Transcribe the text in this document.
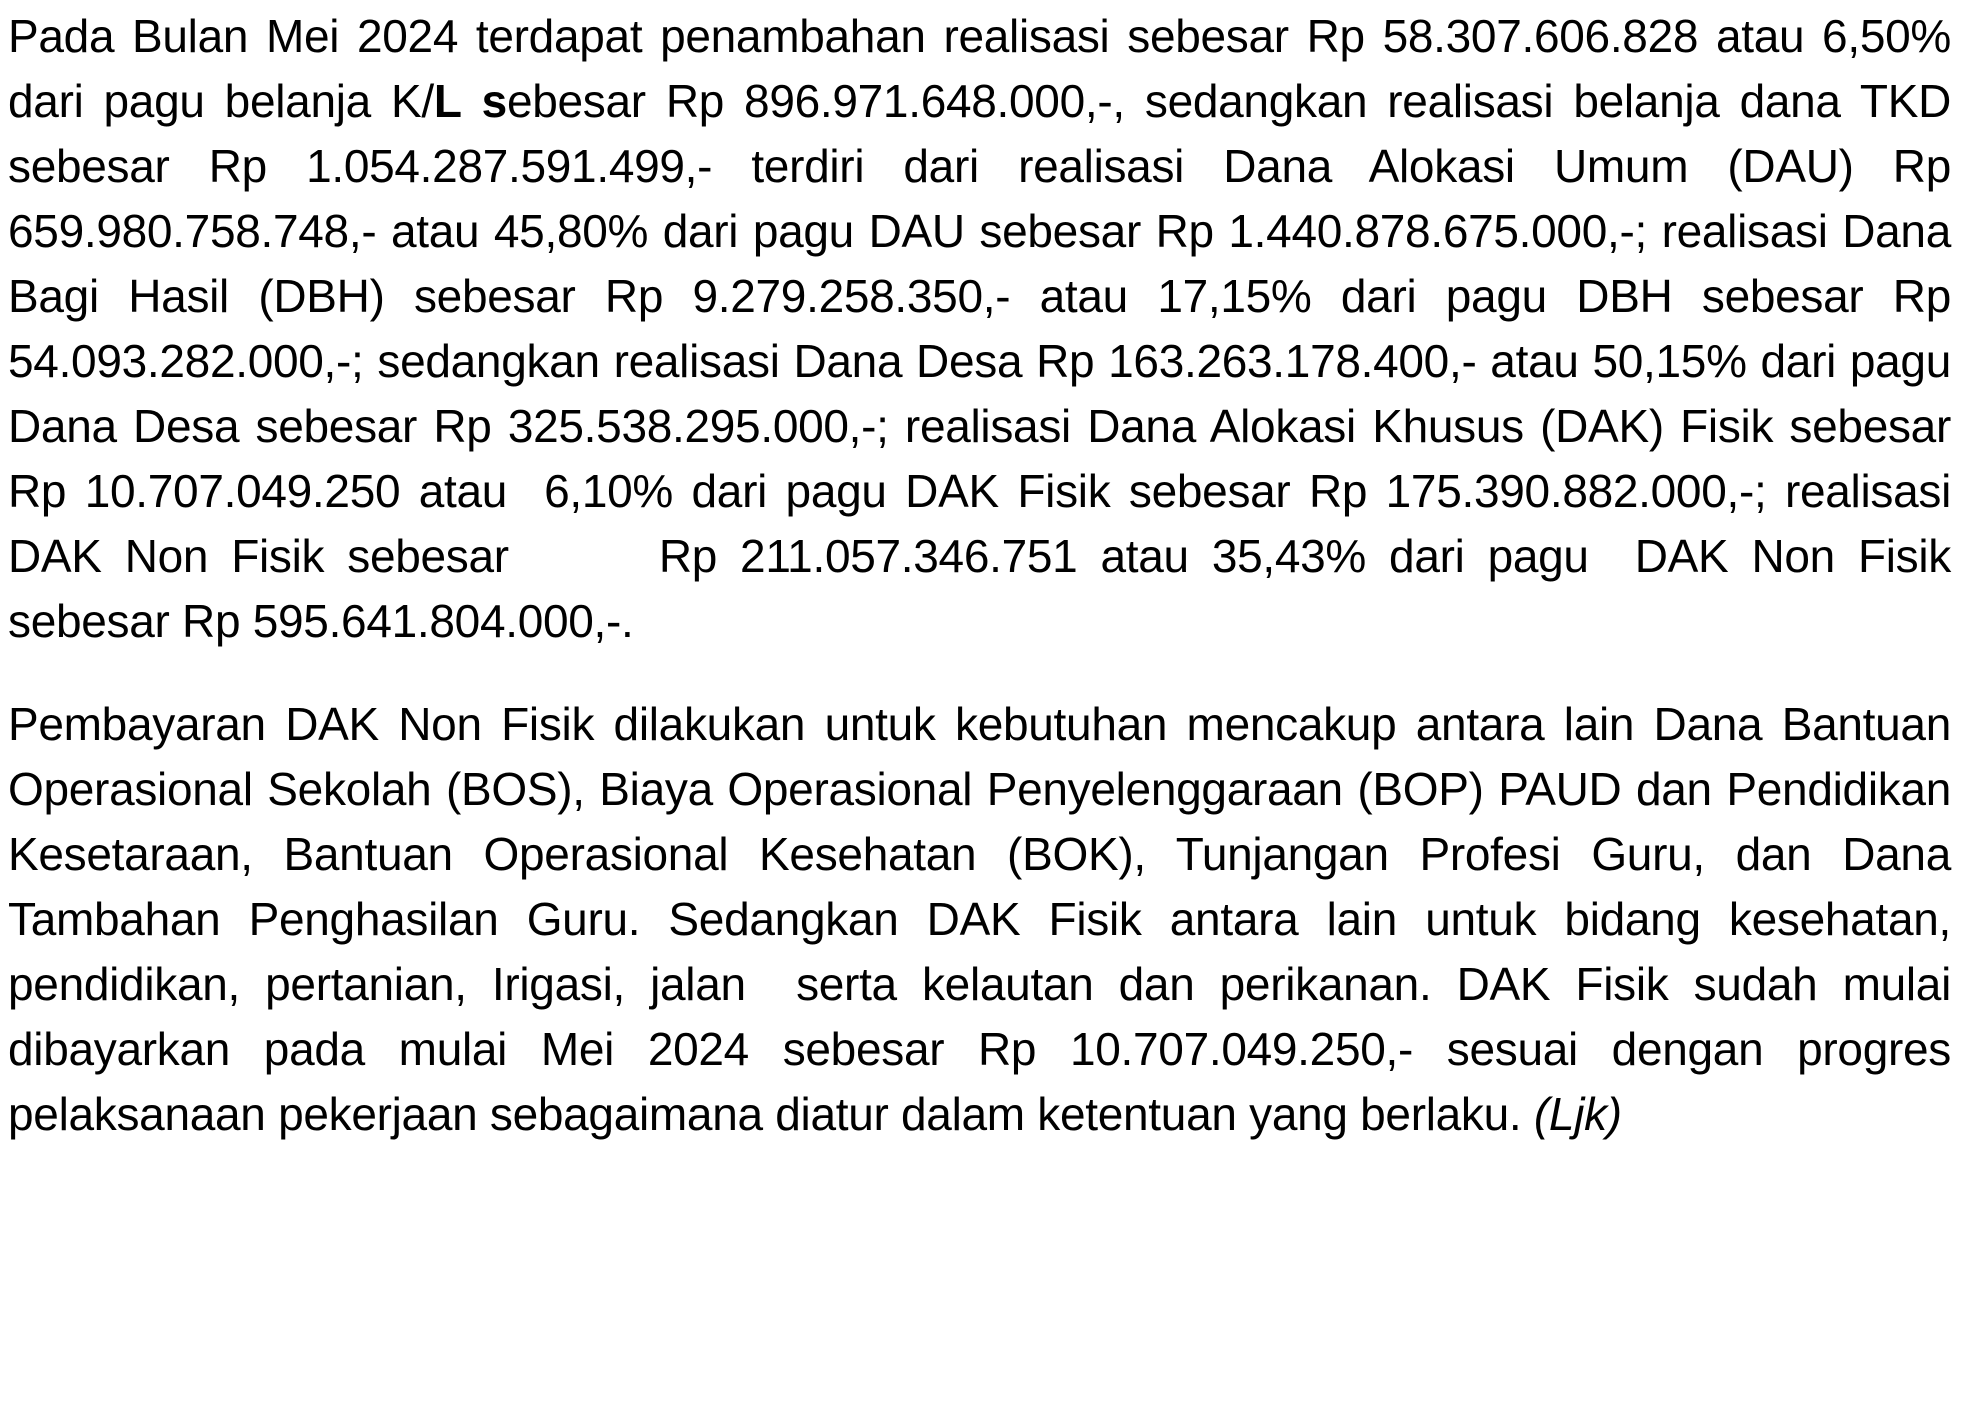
Pada Bulan Mei 2024 terdapat penambahan realisasi sebesar Rp 58.307.606.828 atau 6,50% dari pagu belanja K/L sebesar Rp 896.971.648.000,-, sedangkan realisasi belanja dana TKD sebesar Rp 1.054.287.591.499,- terdiri dari realisasi Dana Alokasi Umum (DAU) Rp 659.980.758.748,- atau 45,80% dari pagu DAU sebesar Rp 1.440.878.675.000,-; realisasi Dana Bagi Hasil (DBH) sebesar Rp 9.279.258.350,- atau 17,15% dari pagu DBH sebesar Rp 54.093.282.000,-; sedangkan realisasi Dana Desa Rp 163.263.178.400,- atau 50,15% dari pagu Dana Desa sebesar Rp 325.538.295.000,-; realisasi Dana Alokasi Khusus (DAK) Fisik sebesar Rp 10.707.049.250 atau  6,10% dari pagu DAK Fisik sebesar Rp 175.390.882.000,-; realisasi DAK Non Fisik sebesar	Rp 211.057.346.751 atau 35,43% dari pagu  DAK Non Fisik sebesar Rp 595.641.804.000,-.

Pembayaran DAK Non Fisik dilakukan untuk kebutuhan mencakup antara lain Dana Bantuan Operasional Sekolah (BOS), Biaya Operasional Penyelenggaraan (BOP) PAUD dan Pendidikan Kesetaraan, Bantuan Operasional Kesehatan (BOK), Tunjangan Profesi Guru, dan Dana Tambahan Penghasilan Guru. Sedangkan DAK Fisik antara lain untuk bidang kesehatan, pendidikan, pertanian, Irigasi, jalan  serta kelautan dan perikanan. DAK Fisik sudah mulai dibayarkan pada mulai Mei 2024 sebesar Rp 10.707.049.250,- sesuai dengan progres pelaksanaan pekerjaan sebagaimana diatur dalam ketentuan yang berlaku. (Ljk)
